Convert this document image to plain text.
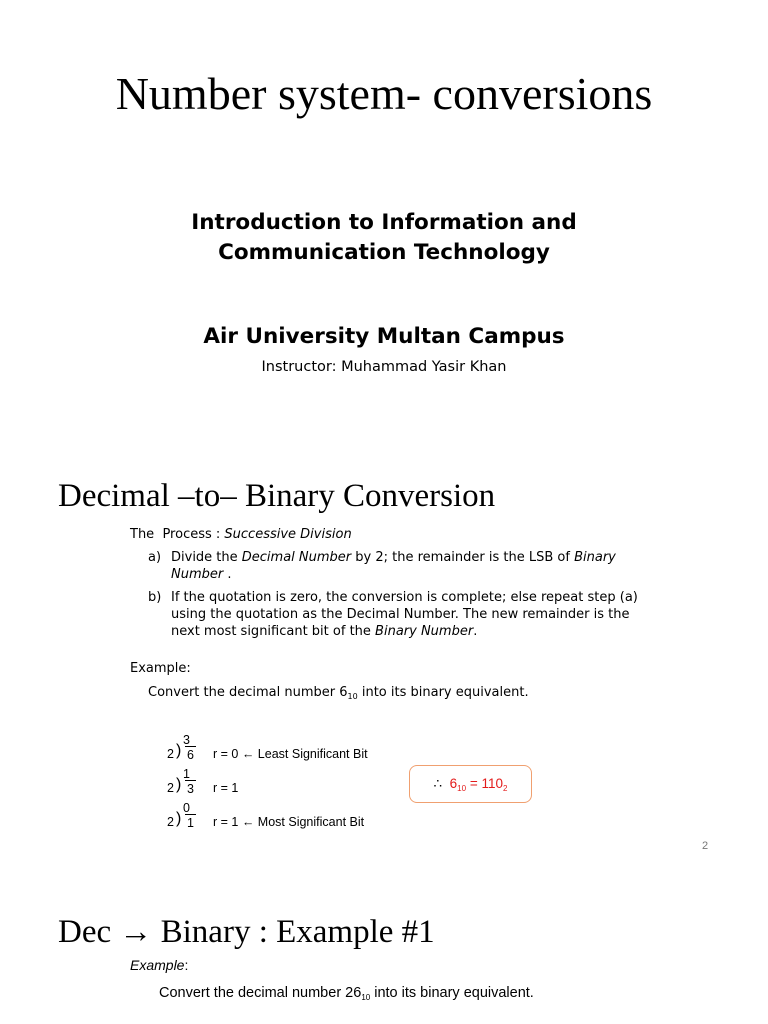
Number system- conversions
Introduction to Information and Communication Technology
Air University Multan Campus
Instructor: Muhammad Yasir Khan
Decimal –to– Binary Conversion
The  Process : Successive Division
a) Divide the Decimal Number by 2; the remainder is the LSB of Binary Number .
b) If the quotation is zero, the conversion is complete; else repeat step (a) using the quotation as the Decimal Number. The new remainder is the next most significant bit of the Binary Number.
Example:
Convert the decimal number $6_{10}$ into its binary equivalent.
3
2 ) 6 r = 0 ← Least Significant Bit
1
2 ) 3 r = 1
0
2 ) 1 r = 1 ← Most Significant Bit
∴ $6_{10} = 110_2$
2
Dec → Binary : Example #1
Example:
Convert the decimal number $26_{10}$ into its binary equivalent.
